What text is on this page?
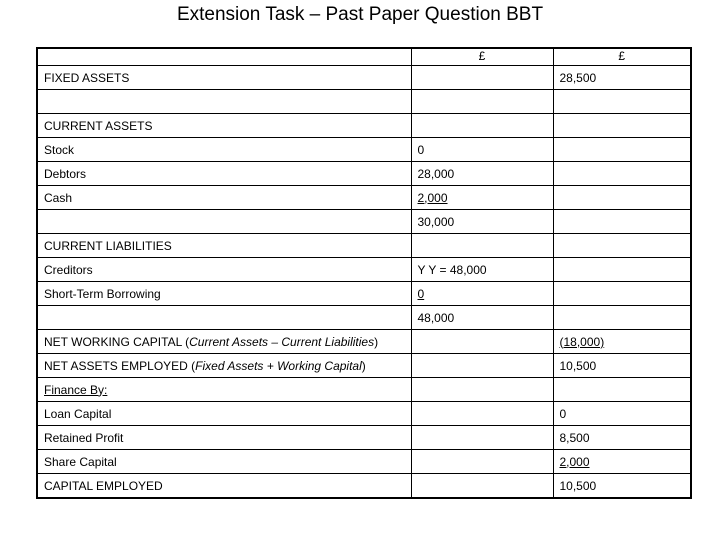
Extension Task – Past Paper Question BBT
	£	£
FIXED ASSETS		28,500

CURRENT ASSETS		
Stock	0	
Debtors	28,000	
Cash	2,000	
	30,000	
CURRENT LIABILITIES		
Creditors	Y Y = 48,000	
Short-Term Borrowing	0	
	48,000	
NET WORKING CAPITAL (Current Assets – Current Liabilities)		(18,000)
NET ASSETS EMPLOYED (Fixed Assets + Working Capital)		10,500
Finance By:		
Loan Capital		0
Retained Profit		8,500
Share Capital		2,000
CAPITAL EMPLOYED		10,500
